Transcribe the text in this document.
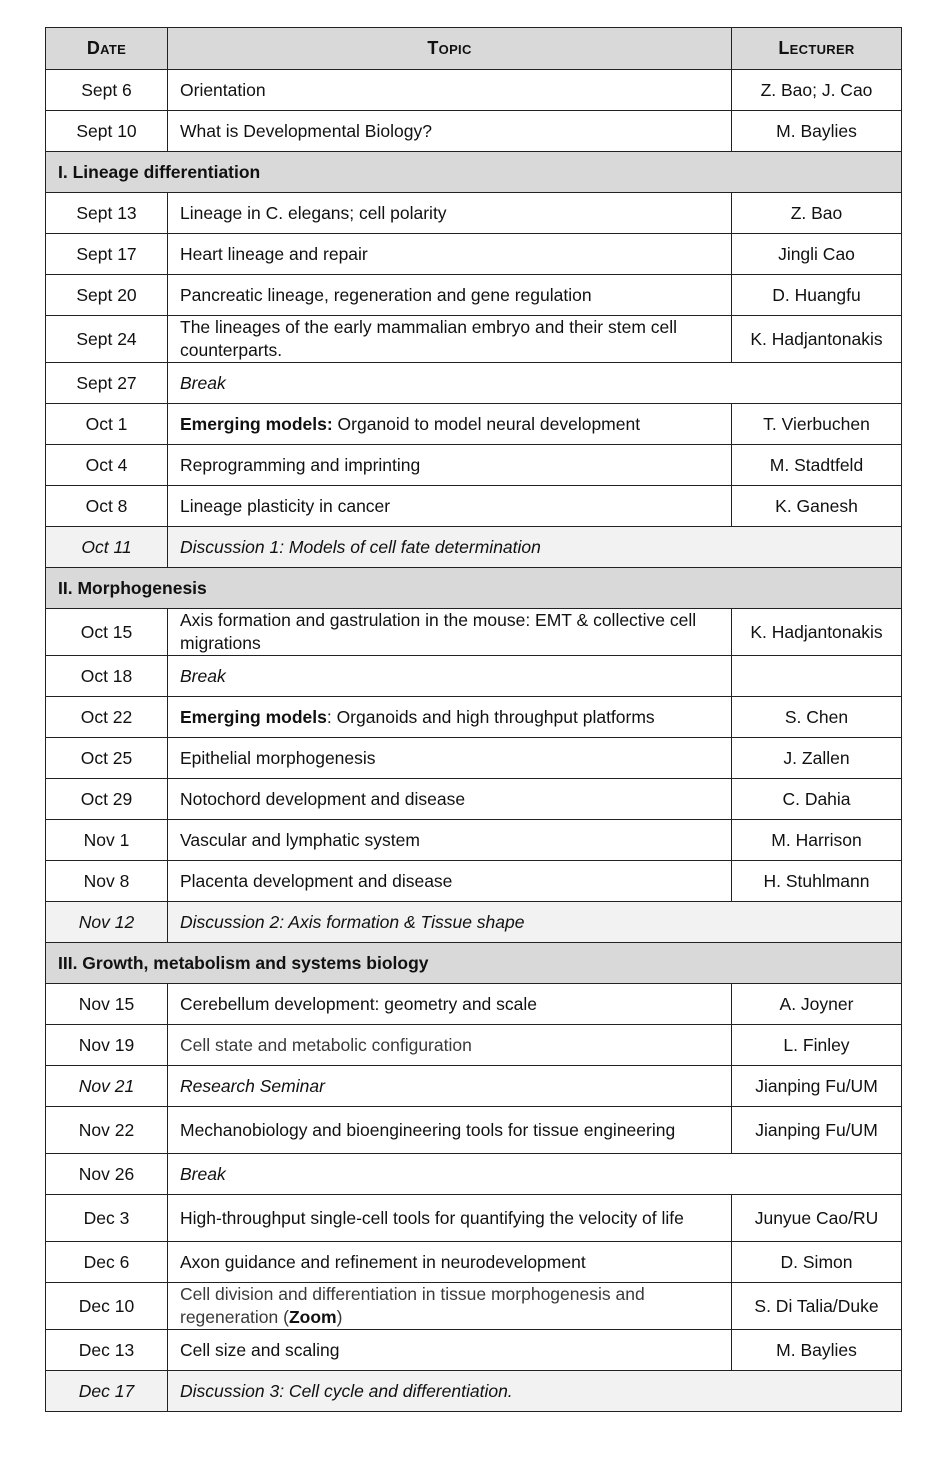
Date	Topic	Lecturer
Sept 6	Orientation	Z. Bao; J. Cao
Sept 10	What is Developmental Biology?	M. Baylies
I. Lineage differentiation		
Sept 13	Lineage in C. elegans; cell polarity	Z. Bao
Sept 17	Heart lineage and repair	Jingli Cao
Sept 20	Pancreatic lineage, regeneration and gene regulation	D. Huangfu
Sept 24	The lineages of the early mammalian embryo and their stem cell counterparts.	K. Hadjantonakis
Sept 27	Break	
Oct 1	Emerging models: Organoid to model neural development	T. Vierbuchen
Oct 4	Reprogramming and imprinting	M. Stadtfeld
Oct 8	Lineage plasticity in cancer	K. Ganesh
Oct 11	Discussion 1: Models of cell fate determination	
II. Morphogenesis		
Oct 15	Axis formation and gastrulation in the mouse: EMT & collective cell migrations	K. Hadjantonakis
Oct 18	Break	
Oct 22	Emerging models: Organoids and high throughput platforms	S. Chen
Oct 25	Epithelial morphogenesis	J. Zallen
Oct 29	Notochord development and disease	C. Dahia
Nov 1	Vascular and lymphatic system	M. Harrison
Nov 8	Placenta development and disease	H. Stuhlmann
Nov 12	Discussion 2: Axis formation & Tissue shape	
III. Growth, metabolism and systems biology		
Nov 15	Cerebellum development: geometry and scale	A. Joyner
Nov 19	Cell state and metabolic configuration	L. Finley
Nov 21	Research Seminar	Jianping Fu/UM
Nov 22	Mechanobiology and bioengineering tools for tissue engineering	Jianping Fu/UM
Nov 26	Break	
Dec 3	High-throughput single-cell tools for quantifying the velocity of life	Junyue Cao/RU
Dec 6	Axon guidance and refinement in neurodevelopment	D. Simon
Dec 10	Cell division and differentiation in tissue morphogenesis and regeneration (Zoom)	S. Di Talia/Duke
Dec 13	Cell size and scaling	M. Baylies
Dec 17	Discussion 3: Cell cycle and differentiation.	
